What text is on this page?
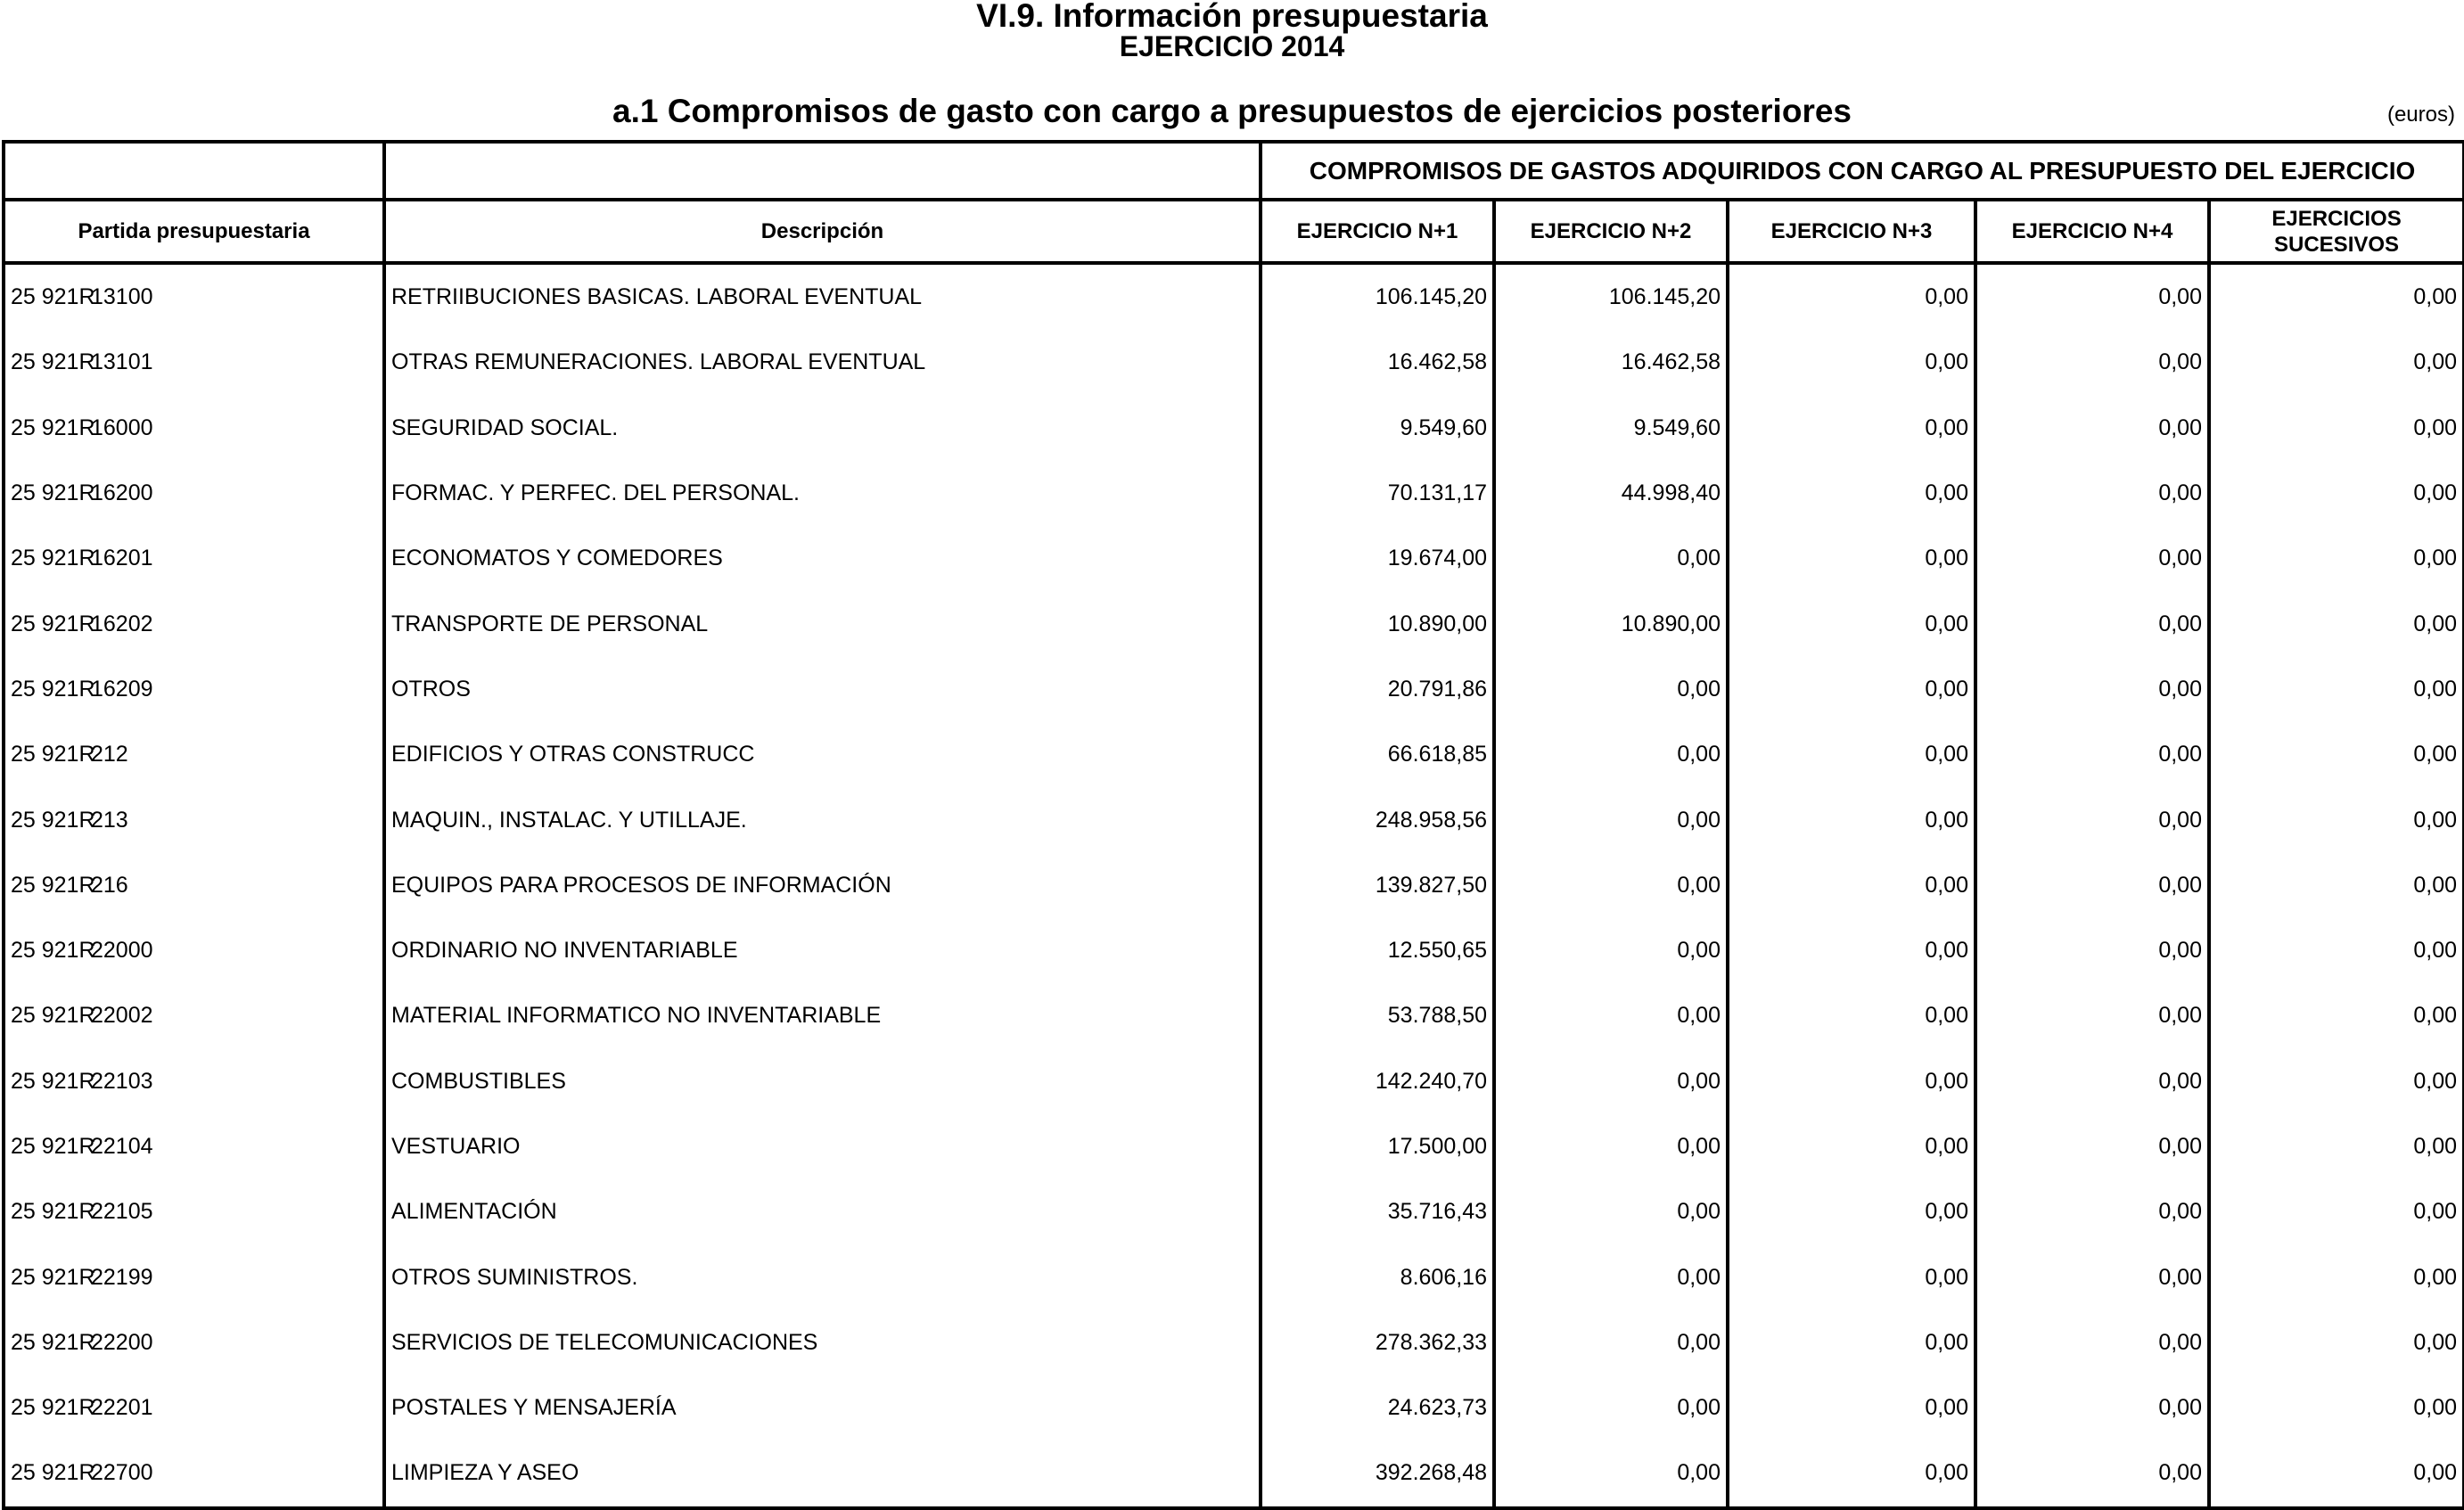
VI.9. Información presupuestaria
EJERCICIO 2014
a.1 Compromisos de gasto con cargo a presupuestos de ejercicios posteriores	(euros)
		COMPROMISOS DE GASTOS ADQUIRIDOS CON CARGO AL PRESUPUESTO DEL EJERCICIO				
Partida presupuestaria	Descripción	EJERCICIO N+1	EJERCICIO N+2	EJERCICIO N+3	EJERCICIO N+4	EJERCICIOS
SUCESIVOS
25 921R13100	RETRIIBUCIONES BASICAS. LABORAL EVENTUAL	106.145,20	106.145,20	0,00	0,00	0,00
25 921R13101	OTRAS REMUNERACIONES. LABORAL EVENTUAL	16.462,58	16.462,58	0,00	0,00	0,00
25 921R16000	SEGURIDAD SOCIAL.	9.549,60	9.549,60	0,00	0,00	0,00
25 921R16200	FORMAC. Y PERFEC. DEL PERSONAL.	70.131,17	44.998,40	0,00	0,00	0,00
25 921R16201	ECONOMATOS Y COMEDORES	19.674,00	0,00	0,00	0,00	0,00
25 921R16202	TRANSPORTE DE PERSONAL	10.890,00	10.890,00	0,00	0,00	0,00
25 921R16209	OTROS	20.791,86	0,00	0,00	0,00	0,00
25 921R212	EDIFICIOS Y OTRAS CONSTRUCC	66.618,85	0,00	0,00	0,00	0,00
25 921R213	MAQUIN., INSTALAC. Y UTILLAJE.	248.958,56	0,00	0,00	0,00	0,00
25 921R216	EQUIPOS PARA PROCESOS DE INFORMACIÓN	139.827,50	0,00	0,00	0,00	0,00
25 921R22000	ORDINARIO NO INVENTARIABLE	12.550,65	0,00	0,00	0,00	0,00
25 921R22002	MATERIAL INFORMATICO NO INVENTARIABLE	53.788,50	0,00	0,00	0,00	0,00
25 921R22103	COMBUSTIBLES	142.240,70	0,00	0,00	0,00	0,00
25 921R22104	VESTUARIO	17.500,00	0,00	0,00	0,00	0,00
25 921R22105	ALIMENTACIÓN	35.716,43	0,00	0,00	0,00	0,00
25 921R22199	OTROS SUMINISTROS.	8.606,16	0,00	0,00	0,00	0,00
25 921R22200	SERVICIOS DE TELECOMUNICACIONES	278.362,33	0,00	0,00	0,00	0,00
25 921R22201	POSTALES Y MENSAJERÍA	24.623,73	0,00	0,00	0,00	0,00
25 921R22700	LIMPIEZA Y ASEO	392.268,48	0,00	0,00	0,00	0,00
